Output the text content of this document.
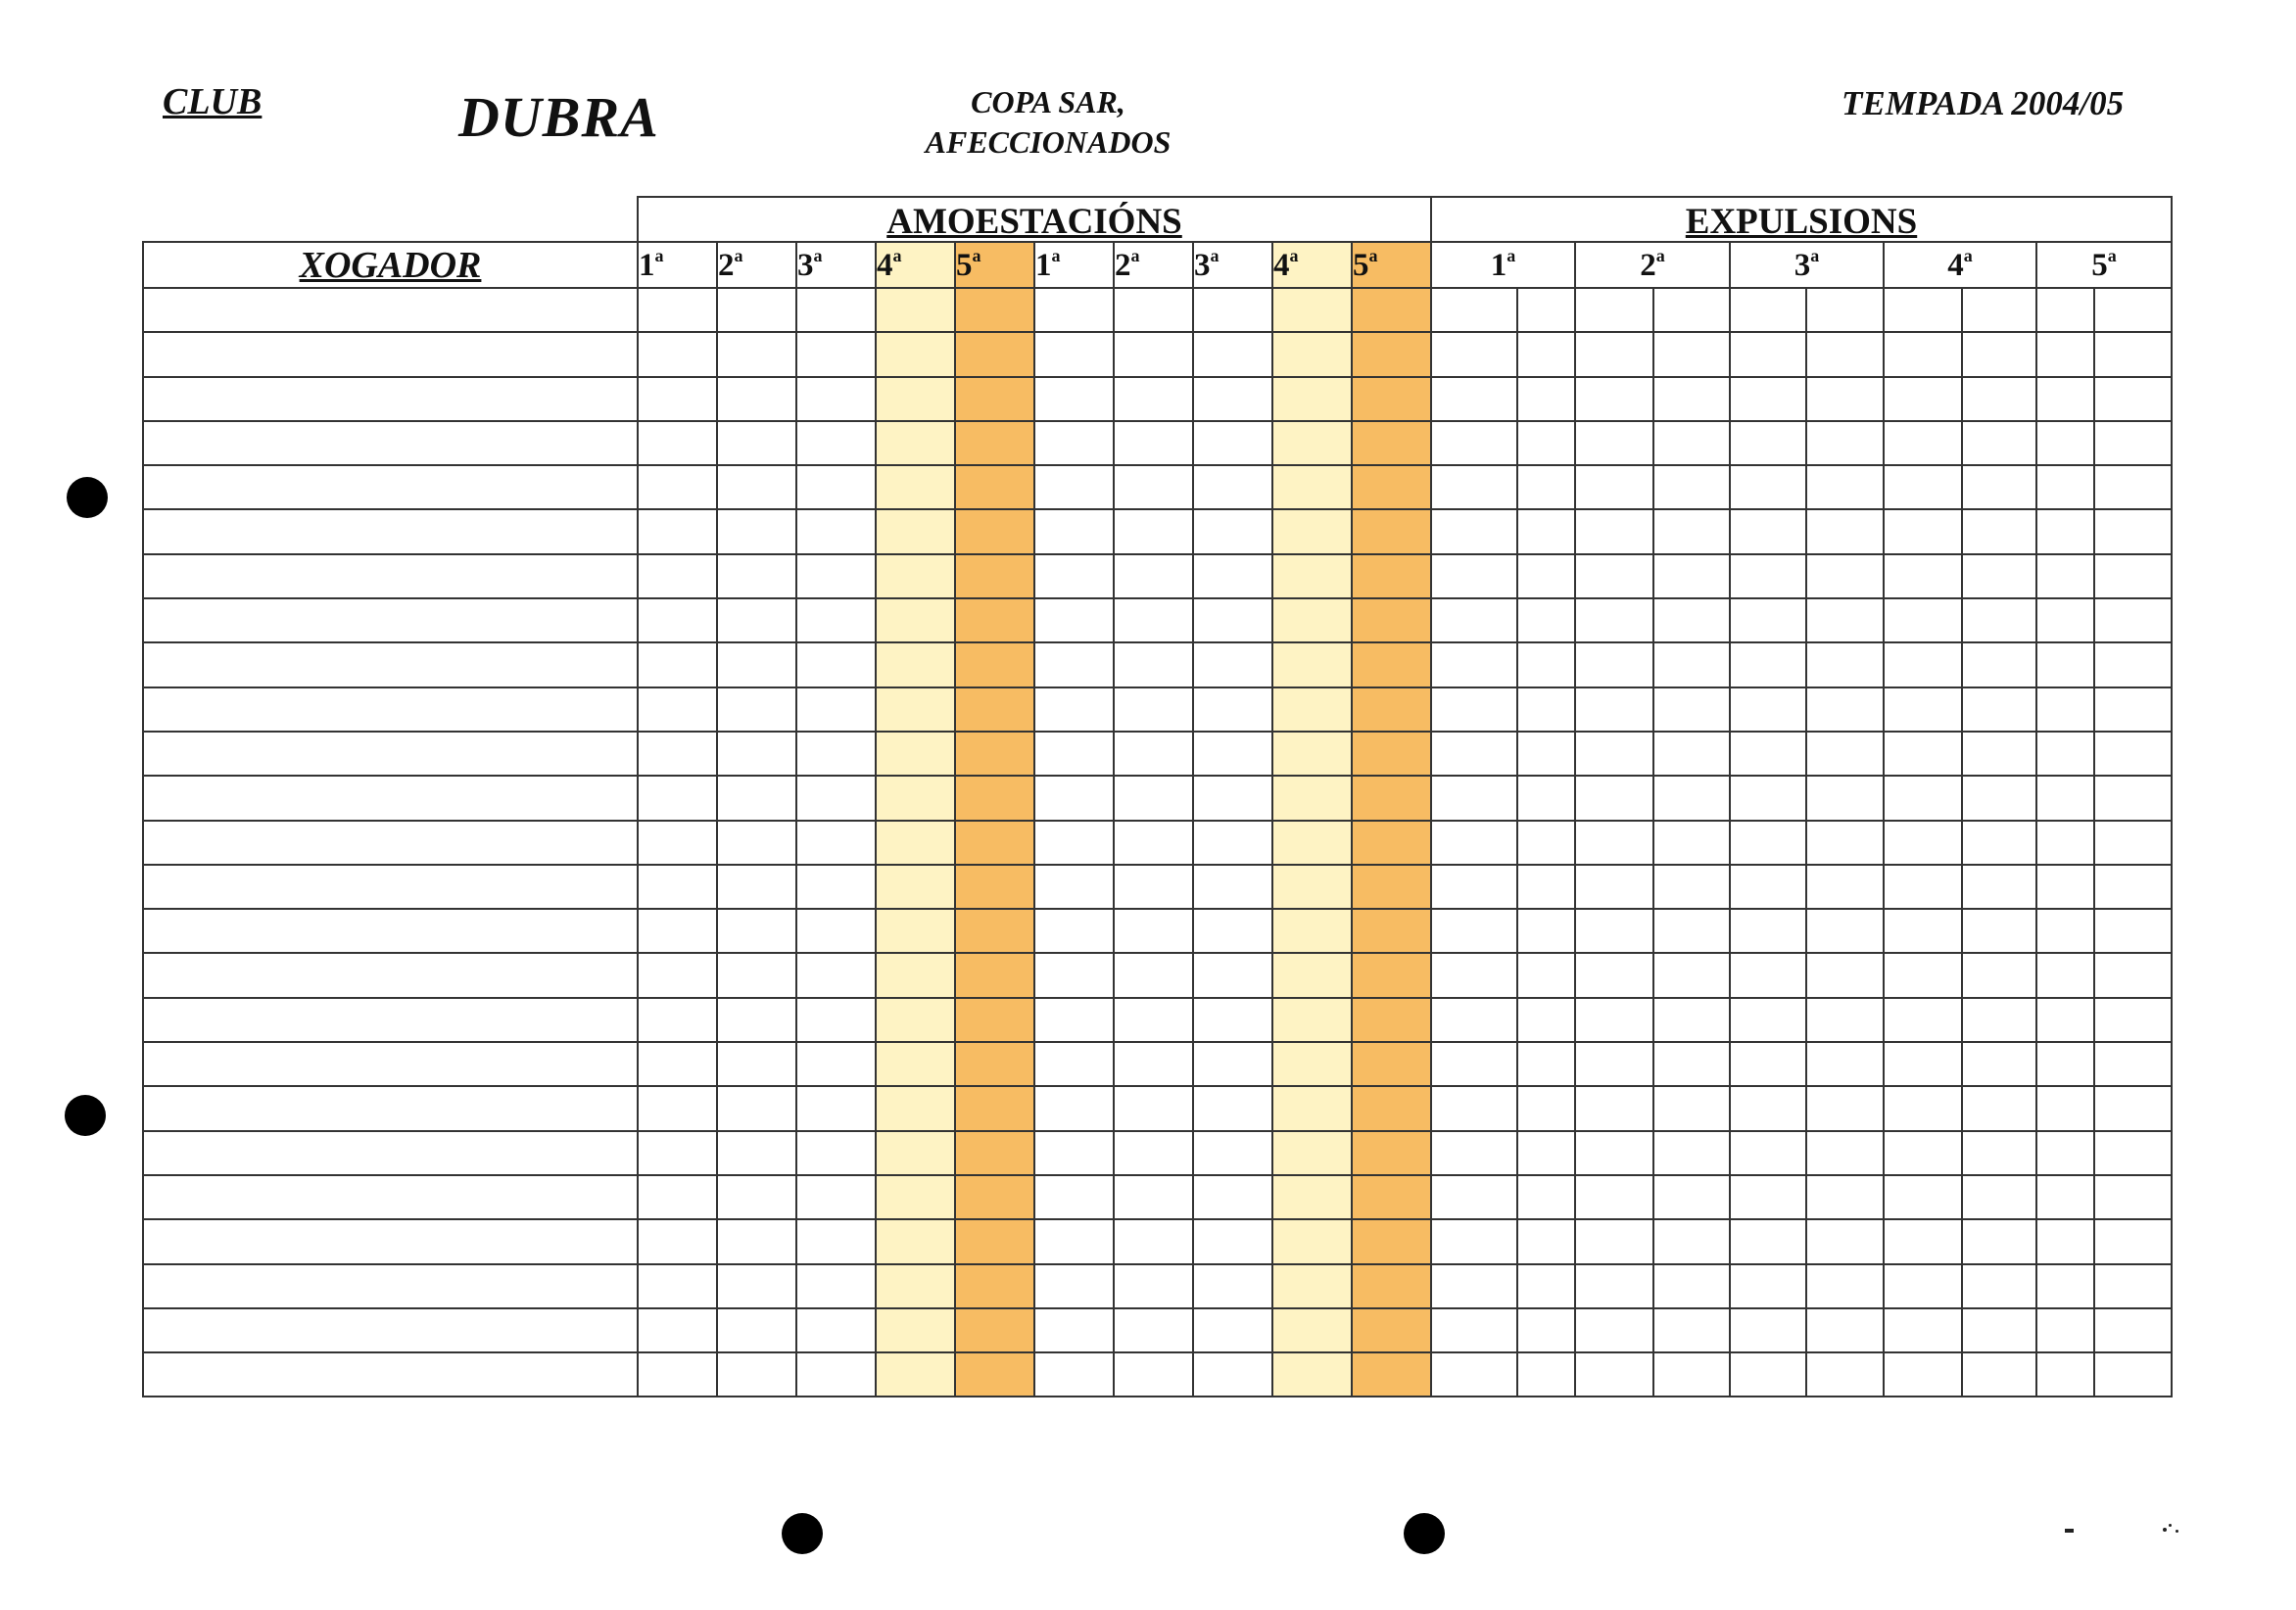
CLUB	DUBRA	COPA SAR,
AFECCIONADOS
TEMPADA 2004/05
	AMOESTACIÓNS										EXPULSIONS									
XOGADOR	1$^a$	2$^a$	3$^a$	4$^a$	5$^a$	1$^a$	2$^a$	3$^a$	4$^a$	5$^a$	1$^a$		2$^a$		3$^a$		4$^a$		5$^a$
